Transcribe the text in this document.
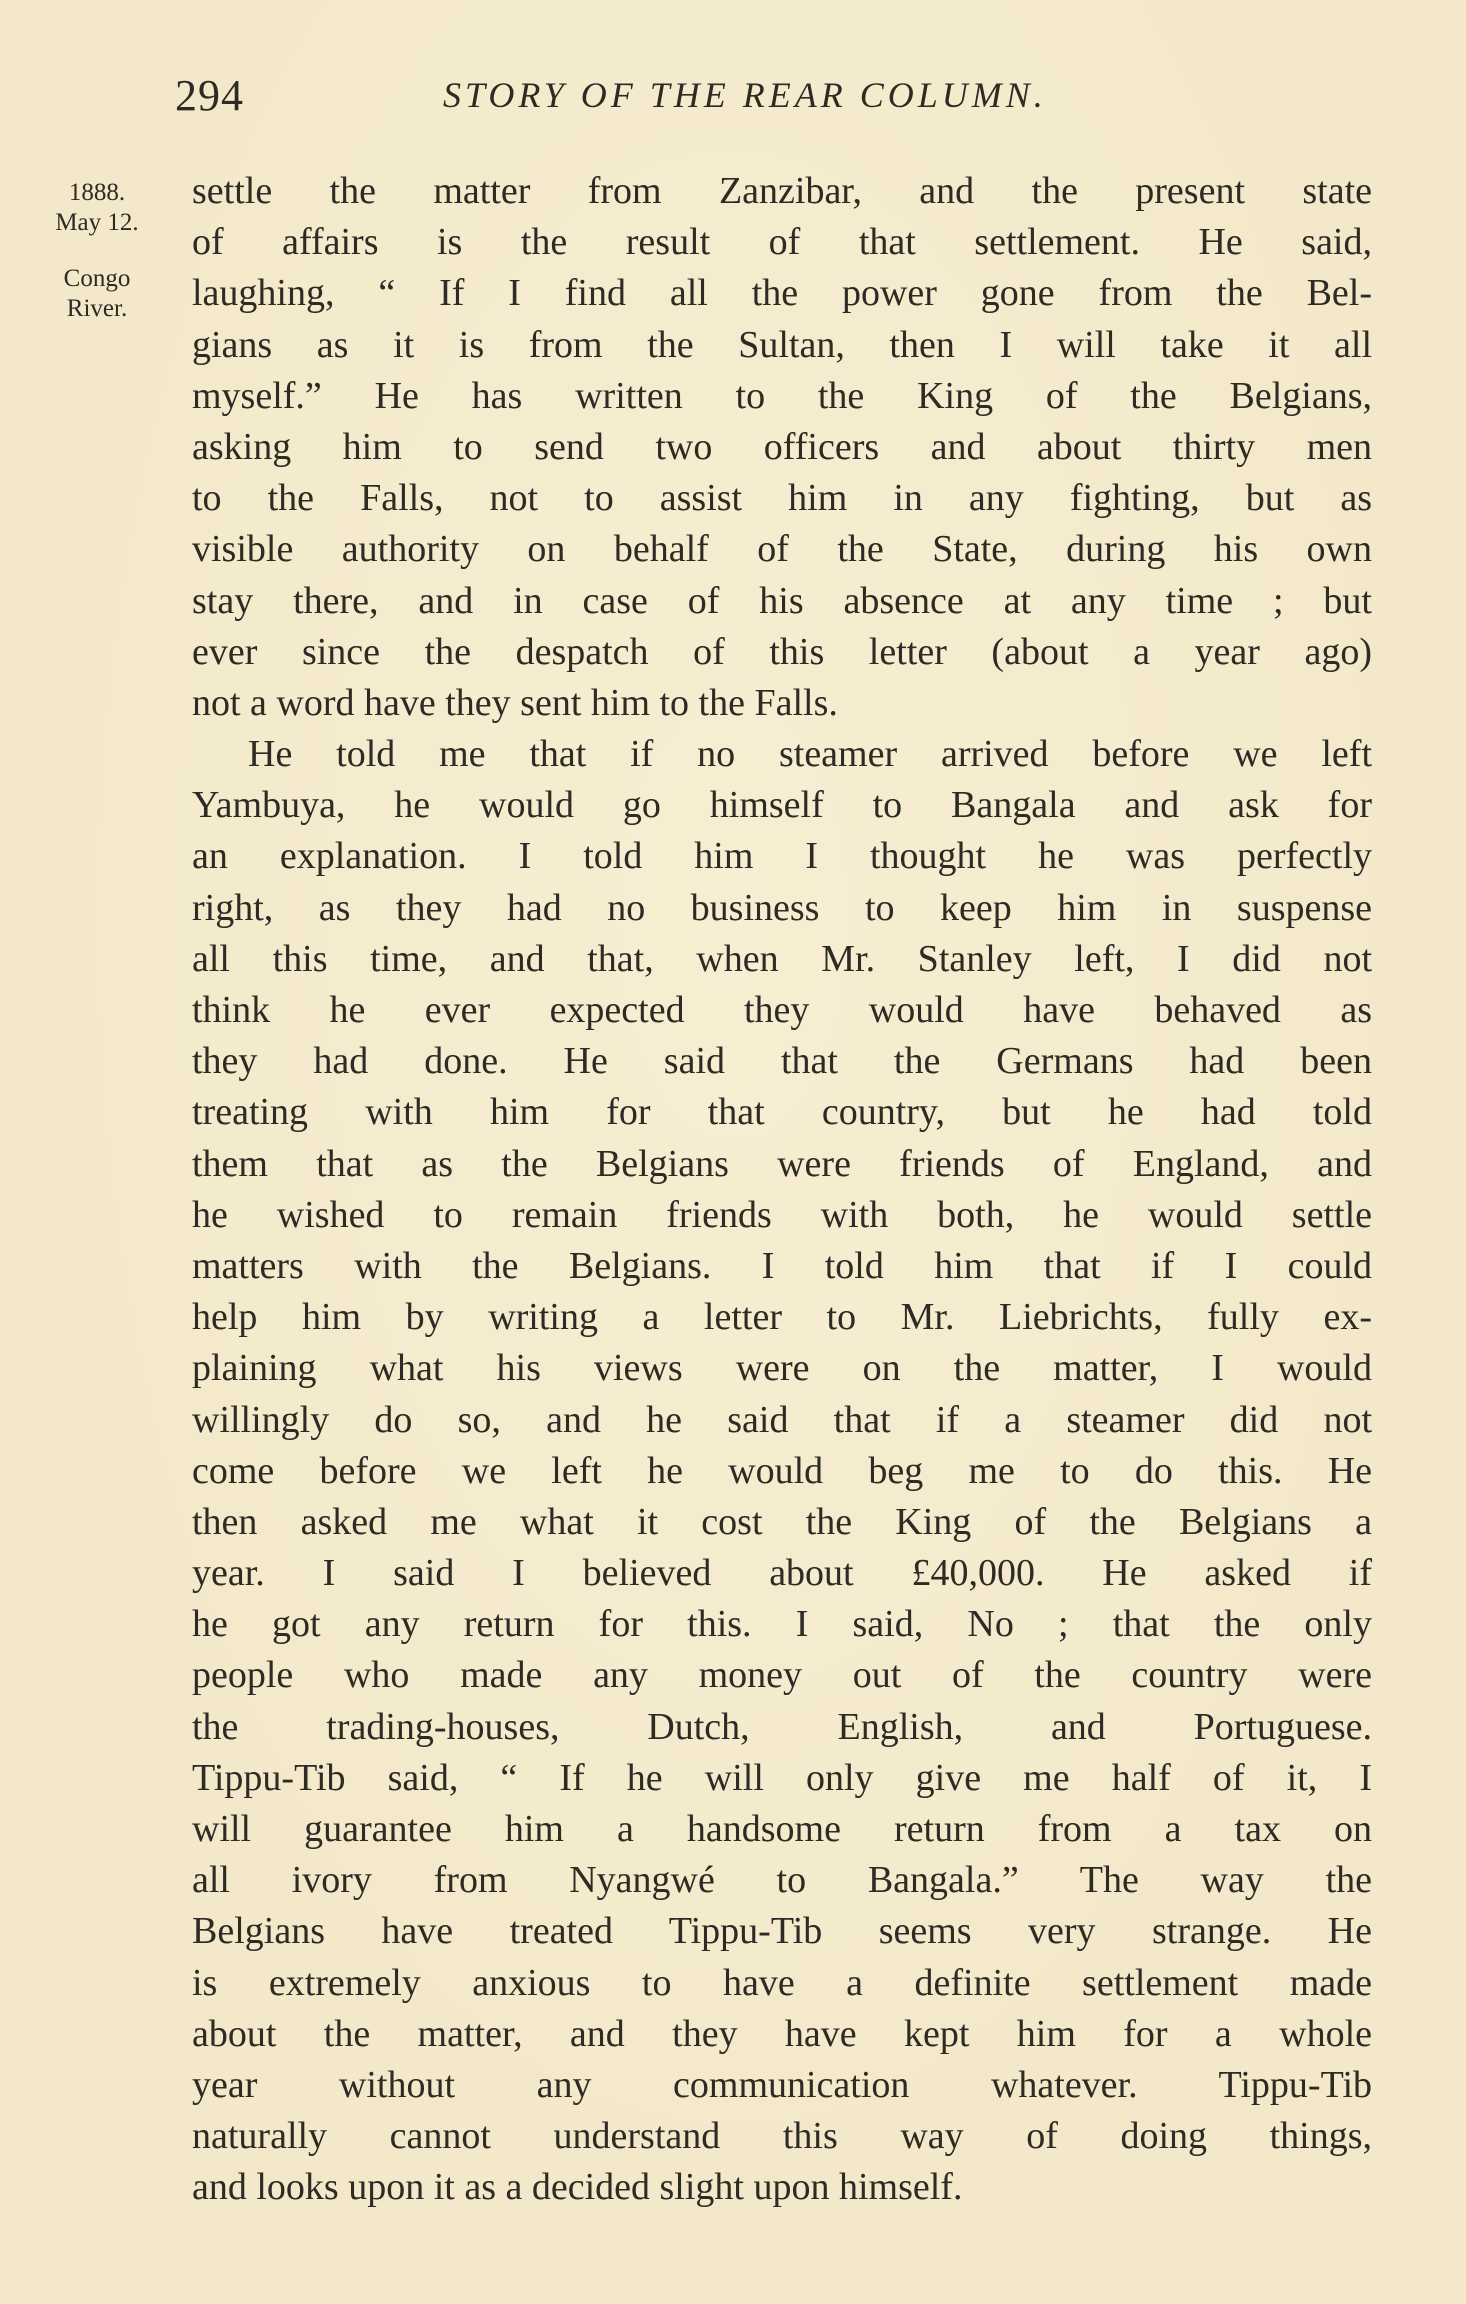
294	STORY OF THE REAR COLUMN.
1888.
May 12.
Congo
River.
settle the matter from Zanzibar, and the present state
of affairs is the result of that settlement. He said,
laughing, “ If I find all the power gone from the Bel-
gians as it is from the Sultan, then I will take it all
myself.” He has written to the King of the Belgians,
asking him to send two officers and about thirty men
to the Falls, not to assist him in any fighting, but as
visible authority on behalf of the State, during his own
stay there, and in case of his absence at any time ; but
ever since the despatch of this letter (about a year ago)
not a word have they sent him to the Falls.
He told me that if no steamer arrived before we left
Yambuya, he would go himself to Bangala and ask for
an explanation. I told him I thought he was perfectly
right, as they had no business to keep him in suspense
all this time, and that, when Mr. Stanley left, I did not
think he ever expected they would have behaved as
they had done. He said that the Germans had been
treating with him for that country, but he had told
them that as the Belgians were friends of England, and
he wished to remain friends with both, he would settle
matters with the Belgians. I told him that if I could
help him by writing a letter to Mr. Liebrichts, fully ex-
plaining what his views were on the matter, I would
willingly do so, and he said that if a steamer did not
come before we left he would beg me to do this. He
then asked me what it cost the King of the Belgians a
year. I said I believed about £40,000. He asked if
he got any return for this. I said, No ; that the only
people who made any money out of the country were
the trading-houses, Dutch, English, and Portuguese.
Tippu-Tib said, “ If he will only give me half of it, I
will guarantee him a handsome return from a tax on
all ivory from Nyangwé to Bangala.” The way the
Belgians have treated Tippu-Tib seems very strange. He
is extremely anxious to have a definite settlement made
about the matter, and they have kept him for a whole
year without any communication whatever. Tippu-Tib
naturally cannot understand this way of doing things,
and looks upon it as a decided slight upon himself.
